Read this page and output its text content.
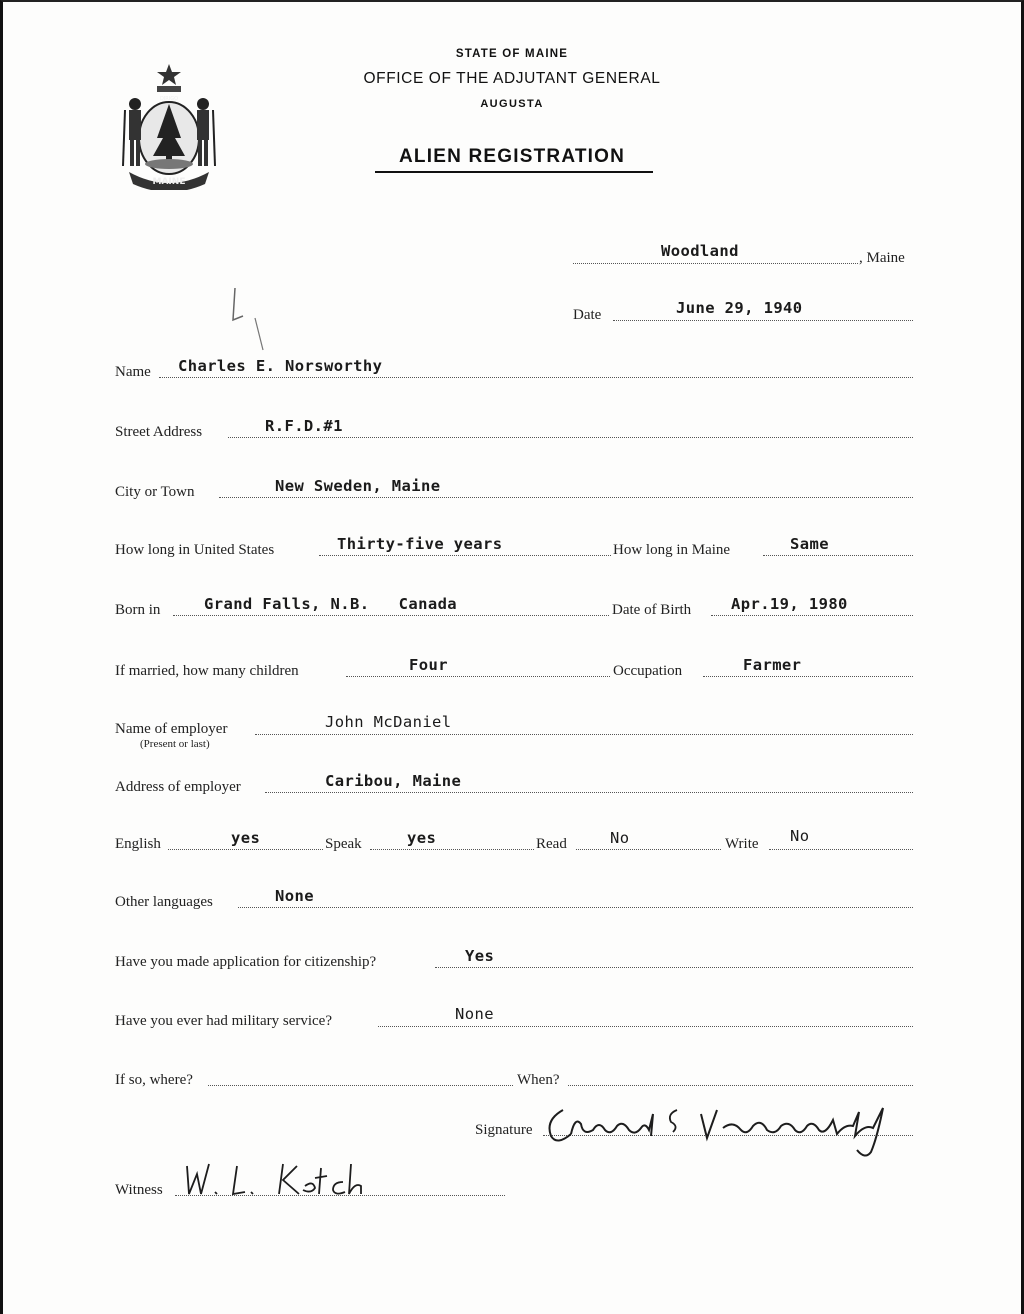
MAINE
DIRIGO
STATE OF MAINE
OFFICE OF THE ADJUTANT GENERAL
AUGUSTA
ALIEN REGISTRATION
Woodland	, Maine
Date	June 29, 1940
Name Charles E. Norsworthy
Street Address	R.F.D.#1
City or Town	New Sweden, Maine
How long in United States	Thirty-five years	How long in Maine	Same
Born in	Grand Falls, N.B.   Canada	Date of Birth	Apr.19, 1980
If married, how many children	Four	Occupation	Farmer
Name of employer
(Present or last)
John McDaniel
Address of employer	Caribou, Maine
English	yes	Speak	yes	Read	No	Write No
Other languages	None
Have you made application for citizenship?	Yes
Have you ever had military service?	None
If so, where?	When?
Signature
Witness
